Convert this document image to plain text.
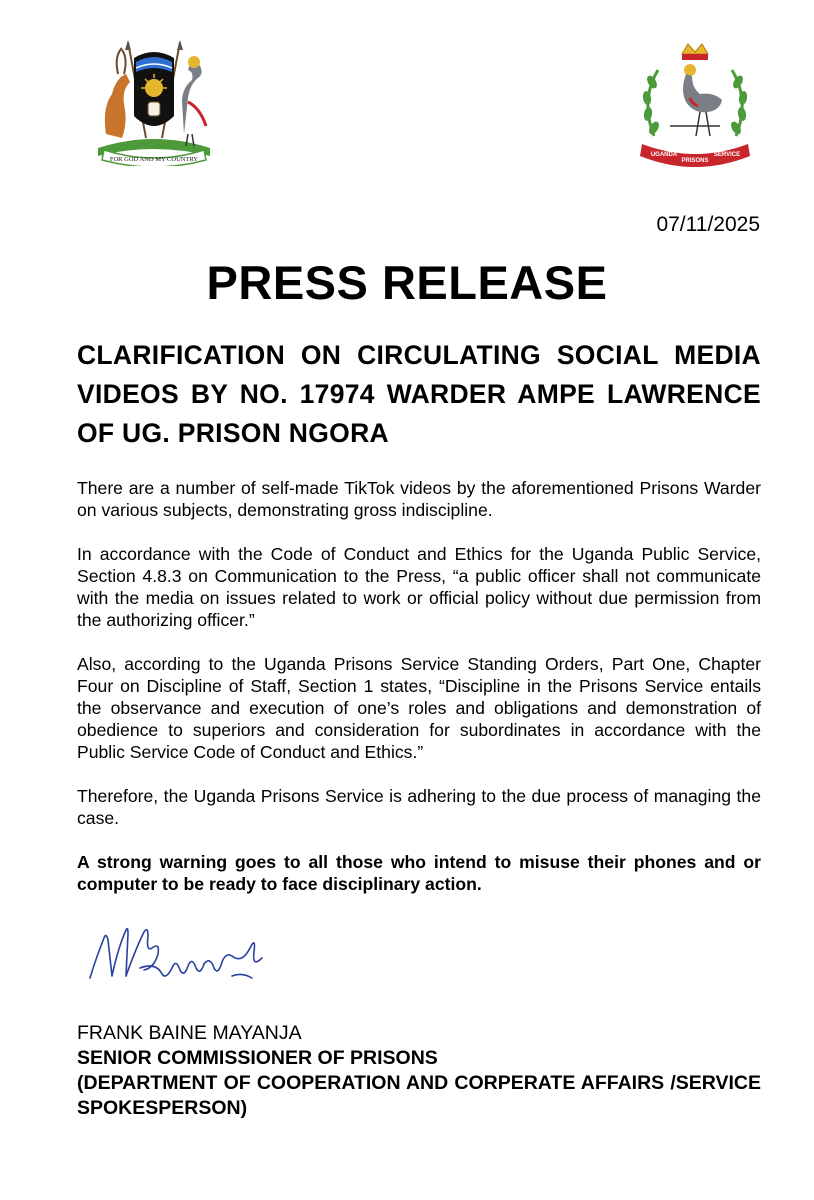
FOR GOD AND MY COUNTRY
UGANDA
PRISONS
SERVICE
07/11/2025
PRESS RELEASE
CLARIFICATION ON CIRCULATING SOCIAL MEDIA VIDEOS BY NO. 17974 WARDER AMPE LAWRENCE OF UG. PRISON NGORA

There are a number of self-made TikTok videos by the aforementioned Prisons Warder on various subjects, demonstrating gross indiscipline.

In accordance with the Code of Conduct and Ethics for the Uganda Public Service, Section 4.8.3 on Communication to the Press, “a public officer shall not communicate with the media on issues related to work or official policy without due permission from the authorizing officer.”

Also, according to the Uganda Prisons Service Standing Orders, Part One, Chapter Four on Discipline of Staff, Section 1 states, “Discipline in the Prisons Service entails the observance and execution of one’s roles and obligations and demonstration of obedience to superiors and consideration for subordinates in accordance with the Public Service Code of Conduct and Ethics.”

Therefore, the Uganda Prisons Service is adhering to the due process of managing the case.

A strong warning goes to all those who intend to misuse their phones and or computer to be ready to face disciplinary action.

FRANK BAINE MAYANJA
SENIOR COMMISSIONER OF PRISONS
(DEPARTMENT OF COOPERATION AND CORPERATE AFFAIRS /SERVICE SPOKESPERSON)
